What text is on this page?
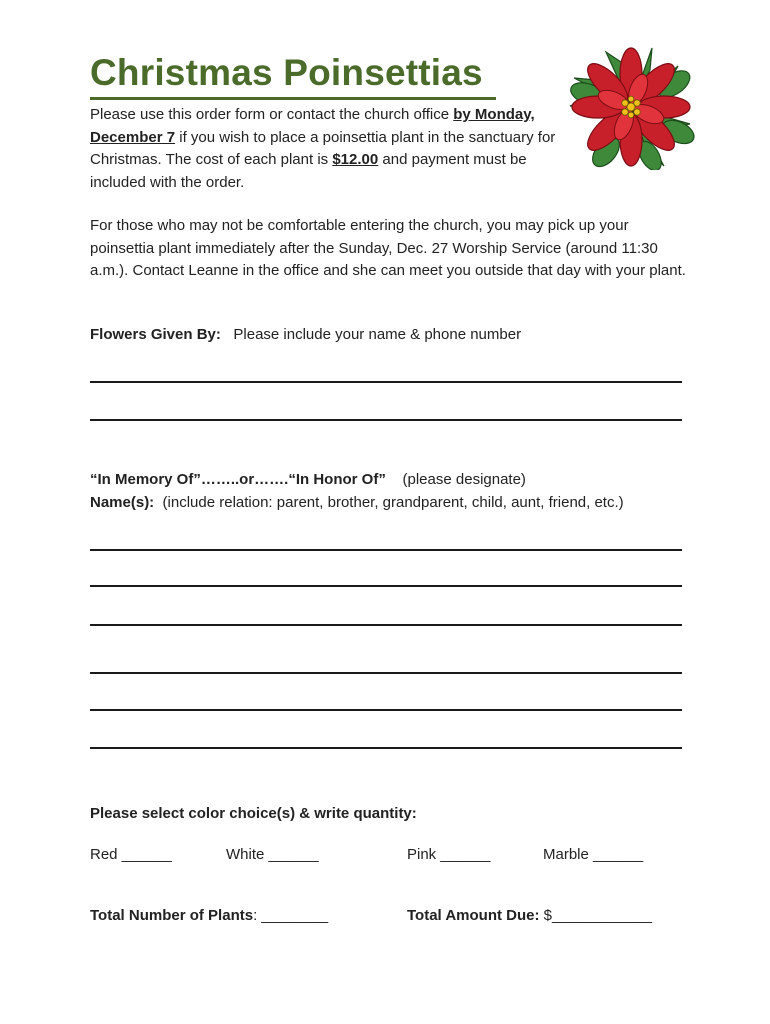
Christmas Poinsettias
Please use this order form or contact the church office by Monday, December 7 if you wish to place a poinsettia plant in the sanctuary for Christmas. The cost of each plant is $12.00 and payment must be included with the order.
For those who may not be comfortable entering the church, you may pick up your poinsettia plant immediately after the Sunday, Dec. 27 Worship Service (around 11:30 a.m.). Contact Leanne in the office and she can meet you outside that day with your plant.
Flowers Given By: Please include your name & phone number
“In Memory Of”……..or…….“In Honor Of” (please designate)
Name(s): (include relation: parent, brother, grandparent, child, aunt, friend, etc.)
Please select color choice(s) & write quantity:
Red ______	White ______	Pink ______	Marble ______
Total Number of Plants: ________	Total Amount Due: $____________
